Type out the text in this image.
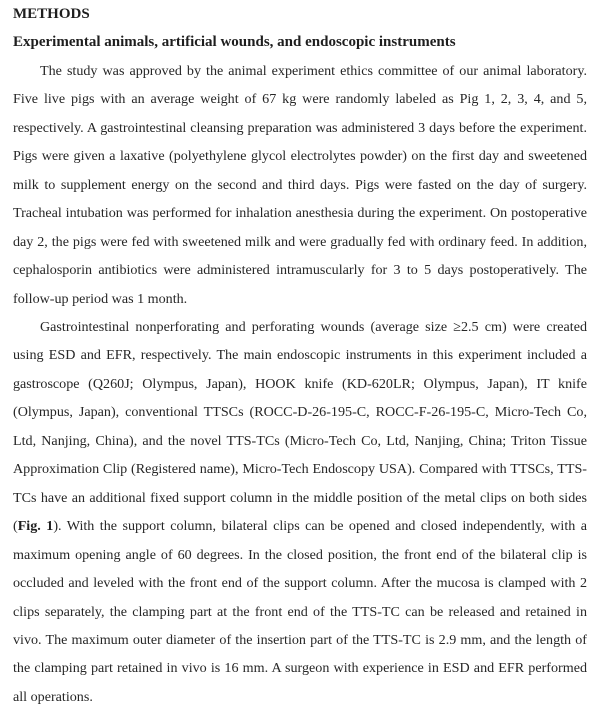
METHODS
Experimental animals, artificial wounds, and endoscopic instruments

The study was approved by the animal experiment ethics committee of our animal laboratory. Five live pigs with an average weight of 67 kg were randomly labeled as Pig 1, 2, 3, 4, and 5, respectively. A gastrointestinal cleansing preparation was administered 3 days before the experiment. Pigs were given a laxative (polyethylene glycol electrolytes powder) on the first day and sweetened milk to supplement energy on the second and third days. Pigs were fasted on the day of surgery. Tracheal intubation was performed for inhalation anesthesia during the experiment. On postoperative day 2, the pigs were fed with sweetened milk and were gradually fed with ordinary feed. In addition, cephalosporin antibiotics were administered intramuscularly for 3 to 5 days postoperatively. The follow-up period was 1 month.

Gastrointestinal nonperforating and perforating wounds (average size ≥2.5 cm) were created using ESD and EFR, respectively. The main endoscopic instruments in this experiment included a gastroscope (Q260J; Olympus, Japan), HOOK knife (KD-620LR; Olympus, Japan), IT knife (Olympus, Japan), conventional TTSCs (ROCC-D-26-195-C, ROCC-F-26-195-C, Micro-Tech Co, Ltd, Nanjing, China), and the novel TTS-TCs (Micro-Tech Co, Ltd, Nanjing, China; Triton Tissue Approximation Clip (Registered name), Micro-Tech Endoscopy USA). Compared with TTSCs, TTS-TCs have an additional fixed support column in the middle position of the metal clips on both sides (Fig. 1). With the support column, bilateral clips can be opened and closed independently, with a maximum opening angle of 60 degrees. In the closed position, the front end of the bilateral clip is occluded and leveled with the front end of the support column. After the mucosa is clamped with 2 clips separately, the clamping part at the front end of the TTS-TC can be released and retained in vivo. The maximum outer diameter of the insertion part of the TTS-TC is 2.9 mm, and the length of the clamping part retained in vivo is 16 mm. A surgeon with experience in ESD and EFR performed all operations.
